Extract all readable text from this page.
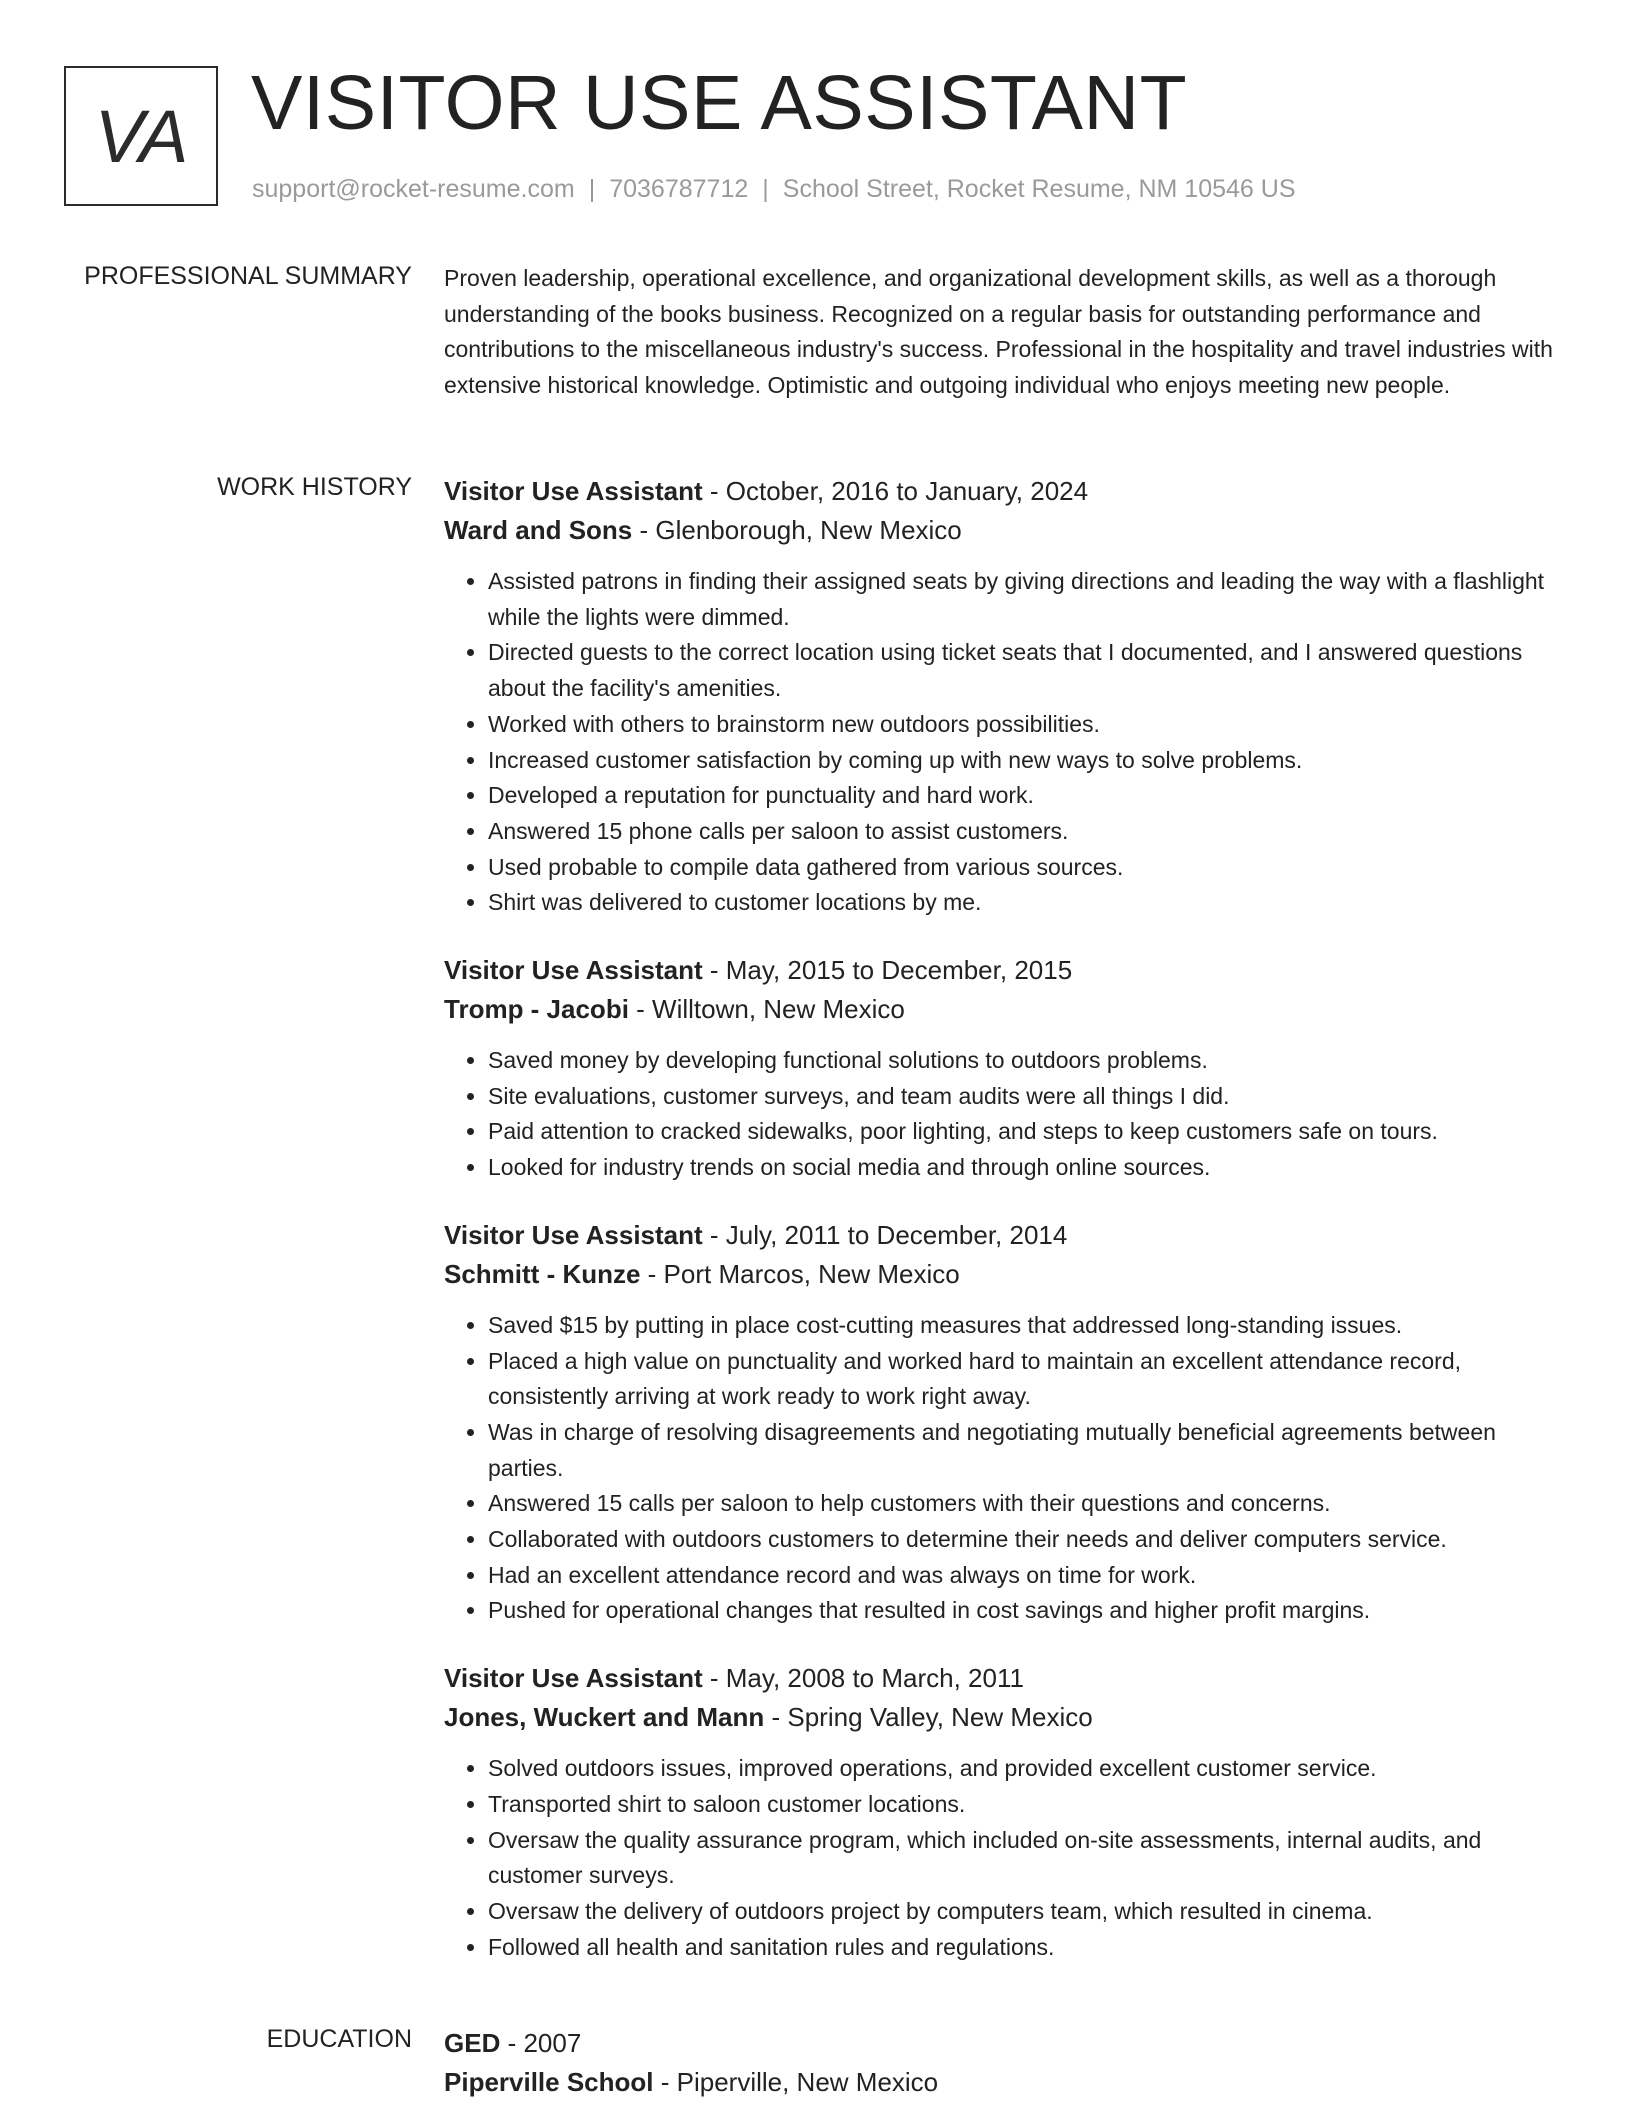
VA VISITOR USE ASSISTANT
support@rocket-resume.com | 7036787712 | School Street, Rocket Resume, NM 10546 US
PROFESSIONAL SUMMARY Proven leadership, operational excellence, and organizational development skills, as well as a thorough understanding of the books business. Recognized on a regular basis for outstanding performance and contributions to the miscellaneous industry's success. Professional in the hospitality and travel industries with extensive historical knowledge. Optimistic and outgoing individual who enjoys meeting new people.

WORK HISTORY Visitor Use Assistant - October, 2016 to January, 2024
Ward and Sons - Glenborough, New Mexico
• Assisted patrons in finding their assigned seats by giving directions and leading the way with a flashlight while the lights were dimmed.
• Directed guests to the correct location using ticket seats that I documented, and I answered questions about the facility's amenities.
• Worked with others to brainstorm new outdoors possibilities.
• Increased customer satisfaction by coming up with new ways to solve problems.
• Developed a reputation for punctuality and hard work.
• Answered 15 phone calls per saloon to assist customers.
• Used probable to compile data gathered from various sources.
• Shirt was delivered to customer locations by me.
Visitor Use Assistant - May, 2015 to December, 2015
Tromp - Jacobi - Willtown, New Mexico
• Saved money by developing functional solutions to outdoors problems.
• Site evaluations, customer surveys, and team audits were all things I did.
• Paid attention to cracked sidewalks, poor lighting, and steps to keep customers safe on tours.
• Looked for industry trends on social media and through online sources.
Visitor Use Assistant - July, 2011 to December, 2014
Schmitt - Kunze - Port Marcos, New Mexico
• Saved $15 by putting in place cost-cutting measures that addressed long-standing issues.
• Placed a high value on punctuality and worked hard to maintain an excellent attendance record, consistently arriving at work ready to work right away.
• Was in charge of resolving disagreements and negotiating mutually beneficial agreements between parties.
• Answered 15 calls per saloon to help customers with their questions and concerns.
• Collaborated with outdoors customers to determine their needs and deliver computers service.
• Had an excellent attendance record and was always on time for work.
• Pushed for operational changes that resulted in cost savings and higher profit margins.
Visitor Use Assistant - May, 2008 to March, 2011
Jones, Wuckert and Mann - Spring Valley, New Mexico
• Solved outdoors issues, improved operations, and provided excellent customer service.
• Transported shirt to saloon customer locations.
• Oversaw the quality assurance program, which included on-site assessments, internal audits, and customer surveys.
• Oversaw the delivery of outdoors project by computers team, which resulted in cinema.
• Followed all health and sanitation rules and regulations.
EDUCATION GED - 2007
Piperville School - Piperville, New Mexico
